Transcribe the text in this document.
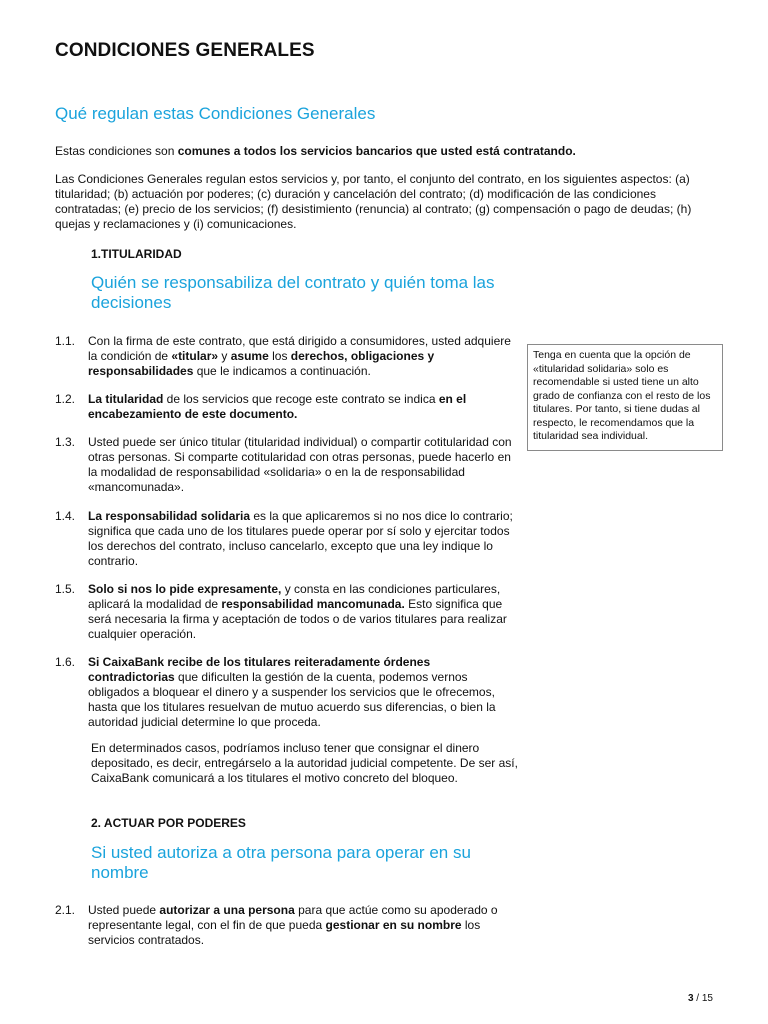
CONDICIONES GENERALES
Qué regulan estas Condiciones Generales
Estas condiciones son comunes a todos los servicios bancarios que usted está contratando.
Las Condiciones Generales regulan estos servicios y, por tanto, el conjunto del contrato, en los siguientes aspectos: (a) titularidad; (b) actuación por poderes; (c) duración y cancelación del contrato; (d) modificación de las condiciones contratadas; (e) precio de los servicios; (f) desistimiento (renuncia) al contrato; (g) compensación o pago de deudas; (h) quejas y reclamaciones y (i) comunicaciones.
1.TITULARIDAD
Quién se responsabiliza del contrato y quién toma las decisiones
1.1.	Con la firma de este contrato, que está dirigido a consumidores, usted adquiere la condición de «titular» y asume los derechos, obligaciones y responsabilidades que le indicamos a continuación.
1.2.	La titularidad de los servicios que recoge este contrato se indica en el encabezamiento de este documento.
1.3.	Usted puede ser único titular (titularidad individual) o compartir cotitularidad con otras personas. Si comparte cotitularidad con otras personas, puede hacerlo en la modalidad de responsabilidad «solidaria» o en la de responsabilidad «mancomunada».
1.4.	La responsabilidad solidaria es la que aplicaremos si no nos dice lo contrario; significa que cada uno de los titulares puede operar por sí solo y ejercitar todos los derechos del contrato, incluso cancelarlo, excepto que una ley indique lo contrario.
1.5.	Solo si nos lo pide expresamente, y consta en las condiciones particulares, aplicará la modalidad de responsabilidad mancomunada. Esto significa que será necesaria la firma y aceptación de todos o de varios titulares para realizar cualquier operación.
1.6.	Si CaixaBank recibe de los titulares reiteradamente órdenes contradictorias que dificulten la gestión de la cuenta, podemos vernos obligados a bloquear el dinero y a suspender los servicios que le ofrecemos, hasta que los titulares resuelvan de mutuo acuerdo sus diferencias, o bien la autoridad judicial determine lo que proceda.
En determinados casos, podríamos incluso tener que consignar el dinero depositado, es decir, entregárselo a la autoridad judicial competente. De ser así, CaixaBank comunicará a los titulares el motivo concreto del bloqueo.
Tenga en cuenta que la opción de «titularidad solidaria» solo es recomendable si usted tiene un alto grado de confianza con el resto de los titulares. Por tanto, si tiene dudas al respecto, le recomendamos que la titularidad sea individual.
2. ACTUAR POR PODERES
Si usted autoriza a otra persona para operar en su nombre
2.1.	Usted puede autorizar a una persona para que actúe como su apoderado o representante legal, con el fin de que pueda gestionar en su nombre los servicios contratados.
3 / 15
